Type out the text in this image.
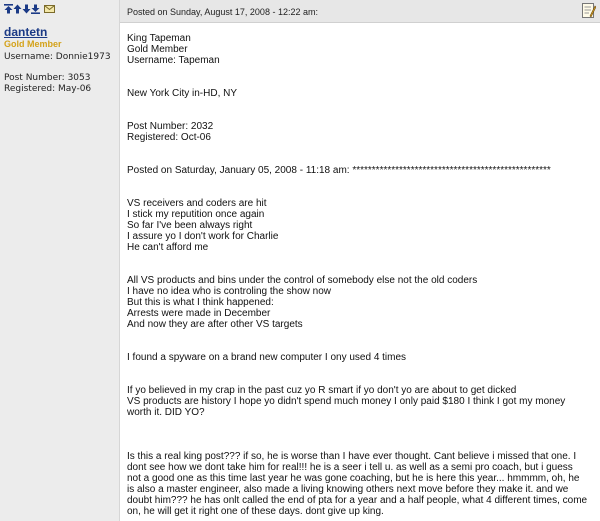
dantetn
Gold Member
Username: Donnie1973
Post Number: 3053
Registered: May-06
Posted on Sunday, August 17, 2008 - 12:22 am:

King Tapeman

Gold Member

Username: Tapeman

New York City in-HD, NY

Post Number: 2032

Registered: Oct-06

Posted on Saturday, January 05, 2008 - 11:18 am: ***************************************************

VS receivers and coders are hit

I stick my reputition once again

So far I've been always right

I assure yo I don't work for Charlie

He can't afford me

All VS products and bins under the control of somebody else not the old coders

I have no idea who is controling the show now

But this is what I think happened:

Arrests were made in December

And now they are after other VS targets

I found a spyware on a brand new computer I ony used 4 times

If yo believed in my crap in the past cuz yo R smart if yo don't yo are about to get dicked

VS products are history I hope yo didn't spend much money I only paid $180 I think I got my money

worth it. DID YO?

Is this a real king post??? if so, he is worse than I have ever thought. Cant believe i missed that one. I

dont see how we dont take him for real!!! he is a seer i tell u. as well as a semi pro coach, but i guess

not a good one as this time last year he was gone coaching, but he is here this year... hmmmm, oh, he

is also a master engineer, also made a living knowing others next move before they make it. and we

doubt him??? he has onlt called the end of pta for a year and a half people, what 4 different times, come

on, he will get it right one of these days. dont give up king.
